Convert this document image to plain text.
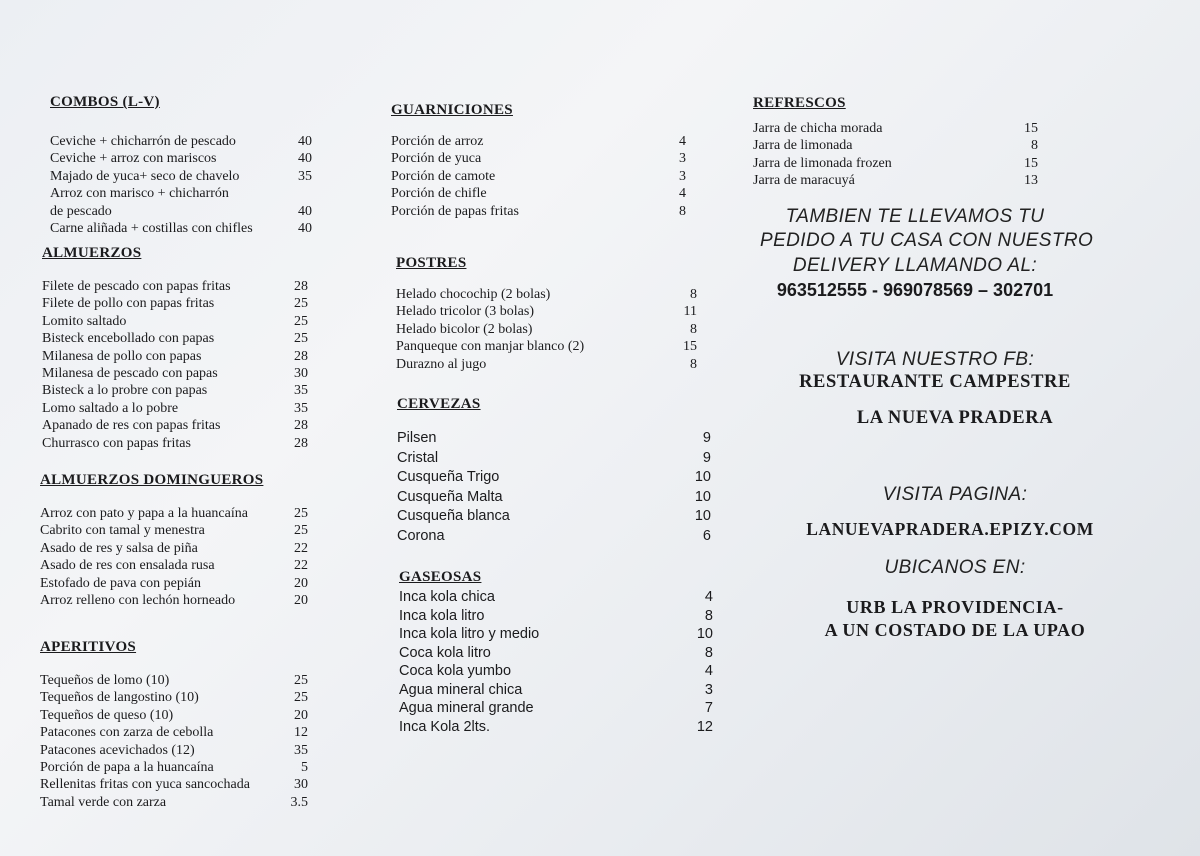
COMBOS (L-V)
Ceviche + chicharrón de pescado	40
Ceviche + arroz con mariscos	40
Majado de yuca+ seco de chavelo	35
Arroz con marisco + chicharrón
de pescado	40
Carne aliñada + costillas con chifles	40
ALMUERZOS
Filete de pescado con papas fritas	28
Filete de pollo con papas fritas	25
Lomito saltado	25
Bisteck encebollado con papas	25
Milanesa de pollo con papas	28
Milanesa de pescado con papas	30
Bisteck a lo probre con papas	35
Lomo saltado a lo pobre	35
Apanado de res con papas fritas	28
Churrasco con papas fritas	28
ALMUERZOS DOMINGUEROS
Arroz con pato y papa a la huancaína	25
Cabrito con tamal y menestra	25
Asado de res y salsa de piña	22
Asado de res con ensalada rusa	22
Estofado de pava con pepián	20
Arroz relleno con lechón horneado	20
APERITIVOS
Tequeños de lomo (10)	25
Tequeños de langostino (10)	25
Tequeños de queso (10)	20
Patacones con zarza de cebolla	12
Patacones acevichados (12)	35
Porción de papa a la huancaína	5
Rellenitas fritas con yuca sancochada	30
Tamal verde con zarza	3.5
GUARNICIONES
Porción de arroz	4
Porción de yuca	3
Porción de camote	3
Porción de chifle	4
Porción de papas fritas	8
POSTRES
Helado chocochip (2 bolas)	8
Helado tricolor (3 bolas)	11
Helado bicolor (2 bolas)	8
Panqueque con manjar blanco (2)	15
Durazno al jugo	8
CERVEZAS
Pilsen	9
Cristal	9
Cusqueña Trigo	10
Cusqueña Malta	10
Cusqueña blanca	10
Corona	6
GASEOSAS
Inca kola chica	4
Inca kola litro	8
Inca kola litro y medio	10
Coca kola litro	8
Coca kola yumbo	4
Agua mineral chica	3
Agua mineral grande	7
Inca Kola 2lts.	12
REFRESCOS
Jarra de chicha morada	15
Jarra de limonada	8
Jarra de limonada frozen	15
Jarra de maracuyá	13
TAMBIEN TE LLEVAMOS TU
PEDIDO A TU CASA CON NUESTRO
DELIVERY LLAMANDO AL:
963512555 - 969078569 – 302701
VISITA NUESTRO FB:
RESTAURANTE CAMPESTRE
LA NUEVA PRADERA
VISITA PAGINA:
LANUEVAPRADERA.EPIZY.COM
UBICANOS EN:
URB LA PROVIDENCIA-
A UN COSTADO DE LA UPAO
